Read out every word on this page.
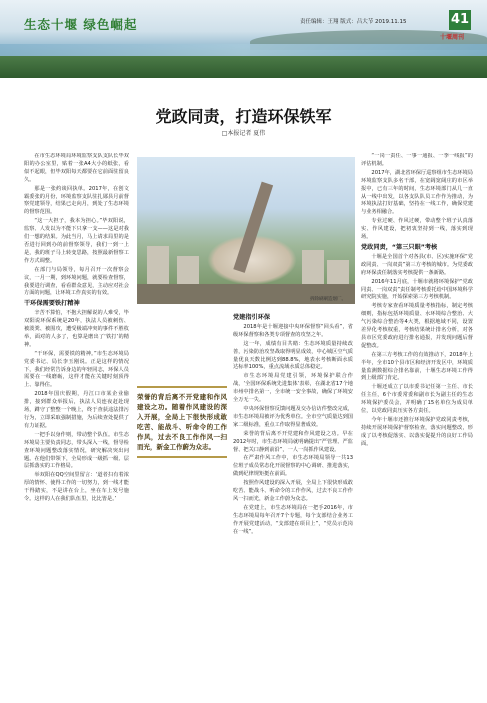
生态十堰 绿色崛起	责任编辑：王翔 版式：吕大节 2019.11.15	41
十堰周刊
党政同责，打造环保铁军
□本报记者 夏伟

在市生态环境局环境监察支队支队长毕双阳的办公室里，贴着一张A4大小的纸张，看似不起眼，但毕双阳每天都要在它前面驻留良久。

那是一张约谈回执单。2017年，在创文霸委张的月份，环境监察支队驻扎郧县月前督察党建领导，结果已走向月，到处了生态环境的督察范围。

“这一大担子，我本为担心。”毕双阳说，监察、人发以为不能下只拿一支——这是对我们一想的结果。为此当月，马上请求局里的是否进行回到办的前督察领导，我们一到一上是，我的班子马上转变思路，按照最新督察工作方式调整。

在部门与局领导，每月召开一次督察会议，一月一期，到环境问题，就要检查督察，我要进行调查，看看群众意见，主动应对社会方面的问题，让环境工作真实的有效。

干环保需要铁打精神

辛苦不算怕，不抱大担解说的人难受，毕双阳说环保系统是20年，执法人员被刺伤、被泼粪、被围攻，遭受极端冲突的事件不胜枚举，面对的人多了，也算是磨出了‘铁打’的精神。

“干环保，需要铁的精神。”市生态环境局党委书记、局长李玉刚说。正是这样的情况下，我们经常告诉身边的年轻同志，环保人员需要在一线磨砺，这样才能在关键时刻顶得上、靠得住。

2018年国庆假期，丹江口市某企业偷排，接到群众举报后，执法人员连夜赶赴现场，蹲守了整整一个晚上，终于查获违法排污行为，立即采取强制措施，为后续查处提供了有力证据。

一把手以身作则，带动整个队伍。市生态环境局主要负责同志，带头深入一线，督导检查环境问题整改落实情况，研究解决突出问题。在他们带领下，全局形成一级抓一级、层层抓落实的工作格局。

举双阳在QQ空间里留言：‘道者扫有着浓厚的情怀、使得工作的一切努力，到一线才能干得踏实，不是讲在台上，坐在车上发号施令。这样的人在我们队伍里，比比皆是。’

拆除刷刷造烟厂。
荣誉的背后离不开党建和作风建设之功。随着作风建设的深入开展，全局上下很快形成敢吃苦、能战斗、听命令的工作作风，过去不良工作作风一扫而光，新金工作蔚为众志。
党建指引环保

2018年是十堰迎接中央环保督察“回头看”，省级环保督察和各类专项督查的攻坚之年。

这一年，成绩有目共睹：生态环境质量持续改善，污染防治攻坚战取得明显成效，中心城区空气质量优良天数比例达到88.8%，地表水考核断面水质达标率100%，重点流域水质总体稳定。

市生态环境局党建引领，环境保护联合作战，‘全国环保系统先进集体’表彰，在湖北省17个地市州中排名第一，全市统一安全事故，确保了环境安全万无一失。

中央环保督察反馈问题及交办信访件整改完成，市生态环境局被评为优秀单位。全市空气质量达到国家二级标准，重点工作取得显著成效。

荣誉的背后离不开党建和作风建设之功。早在2012年时，市生态环境局就明确提出“严管理、严监督、把关口静到前沿”，一人一岗抓作风建设。

在严肃作风工作中，市生态环境局领导一共13位班子成员常态化开展督察的中心调研、推进落实，做到纪律规矩挺在前面。

按照作风建设的深入开展，全局上下很快形成敢吃苦、能战斗、听命令的工作作风，过去不良工作作风一扫而光，新金工作蔚为众志。

在党建上，市生态环境局在一把手2016年，市生态环境局每年召开7个专题，每个支部结合业务工作开展党建活动，“支部建在项目上”，“党员示范岗在一线”。

“一岗一责任、一事一通报、一季一线报”的评估机制。

2017年，湖北省环保厅巡察组市生态环境局环境监察支队多名干部，在宽阔宽阔庄的市区举报中，已有三年的时间，生态环境部门从几一直从一线中出发，以各支队队员工作作为推动，为环境执法打好基础，坚持在一线工作，确保党建与业务相融合。

专业过硬、作风过硬，带动整个班子认真落实、作风建设，把初衷坚持到一线，落实到现场。

党政同责，“第三只眼”考核

十堰是全国首个对各县(市、区)实施环保“党政同责、一岗双责”第三方考核的城市。为党委政府环保责任制落实考核提供一条新路。

2016年11月底，十堰市就将环境保护“党政同责、一岗双责”责任制考核委托给中国环境科学研究院实施，开始探索第三方考核机制。

考核专家查看环境质量考核指标，制定考核细则，指标包括环境质量、水环境综合整治、大气污染综合整治等4大类，根据地域不同，设置差异化考核权重，考核结果统计排名分析，对各县市区党委政府进行排名通报，并发现问题后督促整改。

在第三方考核工作的有效推动下，2018年上半年，全市10个县市区和经济开发区中，环境质量监测数据综合排名靠前，十堰生态环境工作得到上级部门肯定。

十堰还成立了以市委书记任第一主任、市长任主任，6个市委常委和副市长为副主任的生态环境保护委员会，并明确了15名单位为成员单位，以党政同责压实各方责任。

今年十堰市还推行环境保护党政同责考核，持续开展环境保护督察检查，落实问题整改，形成了以考核促落实、以落实促提升的良好工作局面。
